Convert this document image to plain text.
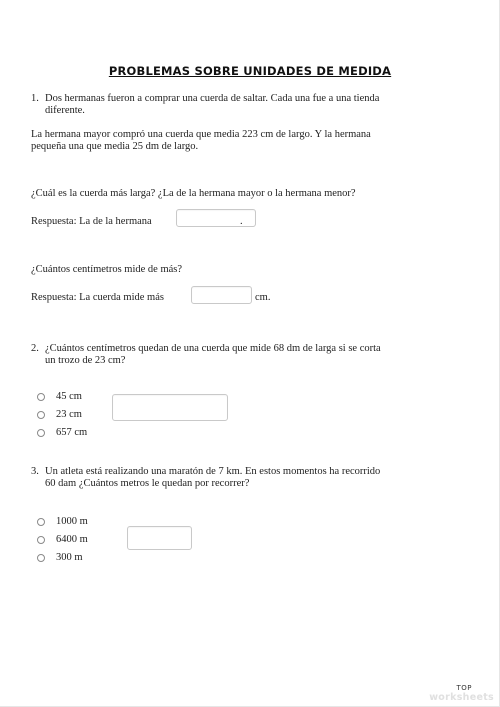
PROBLEMAS SOBRE UNIDADES DE MEDIDA
1. Dos hermanas fueron a comprar una cuerda de saltar. Cada una fue a una tienda
diferente.
La hermana mayor compró una cuerda que media 223 cm de largo. Y la hermana
pequeña una que media 25 dm de largo.
¿Cuál es la cuerda más larga? ¿La de la hermana mayor o la hermana menor?
Respuesta: La de la hermana	.
¿Cuántos centímetros mide de más?
Respuesta: La cuerda mide más	cm.
2. ¿Cuántos centímetros quedan de una cuerda que mide 68 dm de larga si se corta
un trozo de 23 cm?
45 cm
23 cm
657 cm
3. Un atleta está realizando una maratón de 7 km. En estos momentos ha recorrido
60 dam ¿Cuántos metros le quedan por recorrer?
1000 m
6400 m
300 m
TOP
worksheets
